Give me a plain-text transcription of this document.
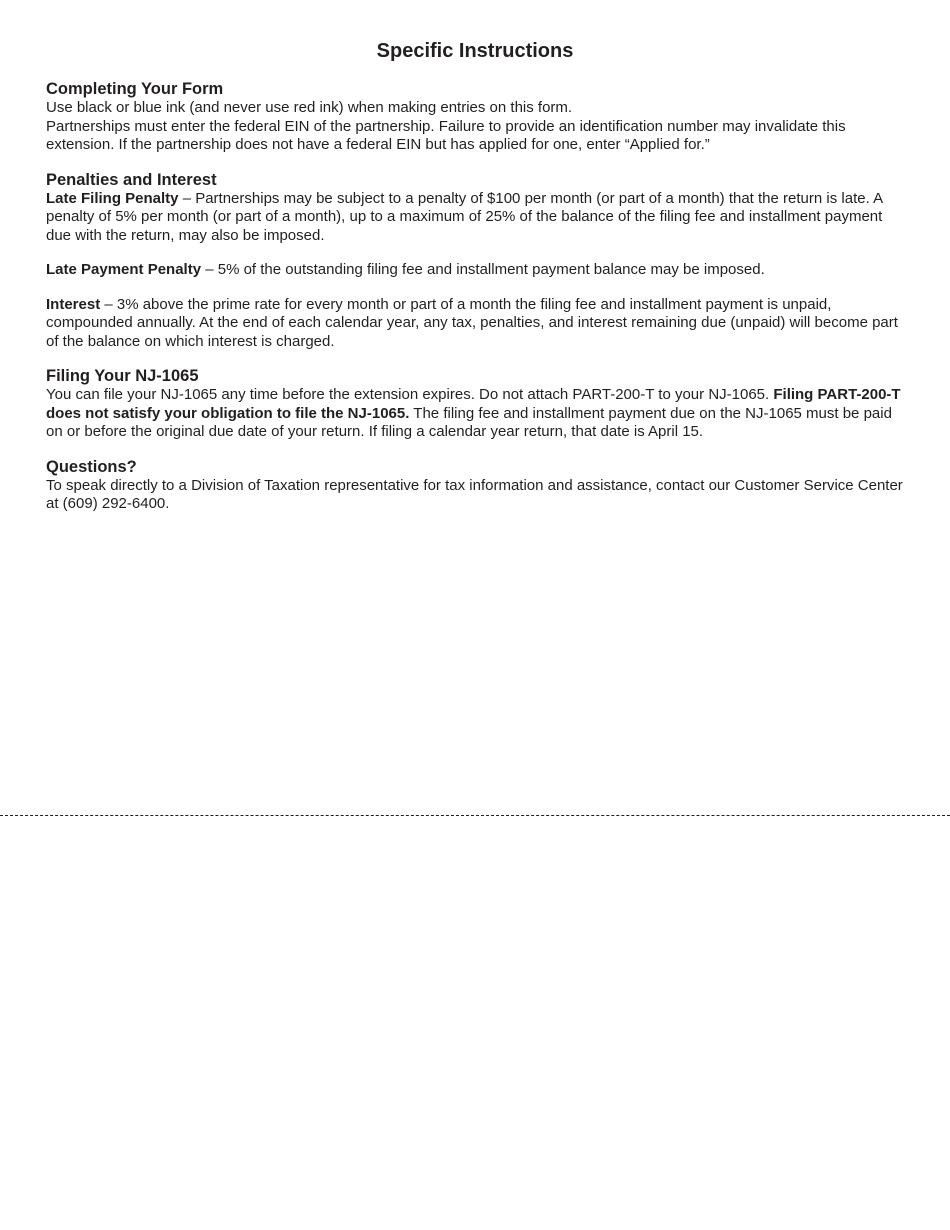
Specific Instructions
Completing Your Form

Use black or blue ink (and never use red ink) when making entries on this form.

Partnerships must enter the federal EIN of the partnership. Failure to provide an identification number may invalidate this extension. If the partnership does not have a federal EIN but has applied for one, enter “Applied for.”

Penalties and Interest

Late Filing Penalty – Partnerships may be subject to a penalty of $100 per month (or part of a month) that the return is late. A penalty of 5% per month (or part of a month), up to a maximum of 25% of the balance of the filing fee and installment payment due with the return, may also be imposed.

Late Payment Penalty – 5% of the outstanding filing fee and installment payment balance may be imposed.

Interest – 3% above the prime rate for every month or part of a month the filing fee and installment payment is unpaid, compounded annually. At the end of each calendar year, any tax, penalties, and interest remaining due (unpaid) will become part of the balance on which interest is charged.

Filing Your NJ-1065

You can file your NJ-1065 any time before the extension expires. Do not attach PART-200-T to your NJ-1065. Filing PART-200-T does not satisfy your obligation to file the NJ-1065. The filing fee and installment payment due on the NJ-1065 must be paid on or before the original due date of your return. If filing a calendar year return, that date is April 15.

Questions?

To speak directly to a Division of Taxation representative for tax information and assistance, contact our Customer Service Center at (609) 292-6400.
